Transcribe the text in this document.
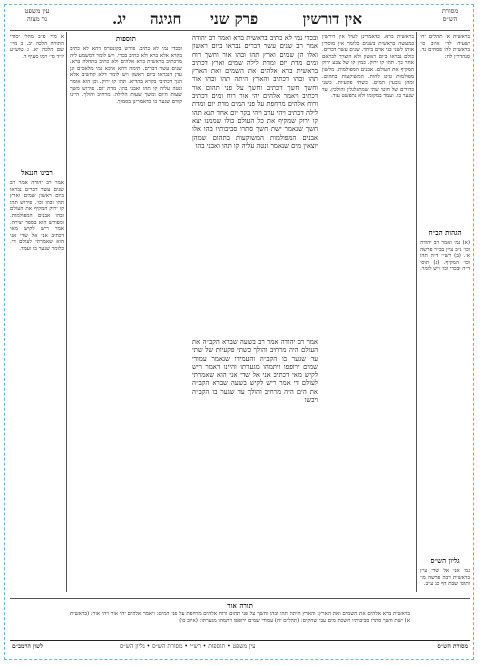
מסורת
הש״ס
אין דורשין
פרק שני
חגיגה
יג.
עין משפט
נר מצוה
בראשית א׳ תהלים יח׳ ישעיה לד׳ איוב כו׳ בראשית לה׳ פסחים נד. סנהדרין לח:
הגהות הב״ח
(א) גמ׳ ואמר רב יהודה וכו׳ נ״ב עיין בב״ר פרשה א׳. (ב) רש״י ד״ה תהו וכו׳ המקיף. (ג) תוס׳ ד״ה ובכדי וכו׳ ויש לומר.
גליון הש״ס
גמ׳ אני אל שדי עיין בראשית רבה פרשה מו׳ ותוס׳ שבת דף כג ע״ב.
בראשית ברא. כדאמרינן לעיל אין דורשין במעשה בראשית בשנים כלומר אין מוסרין אותו לשני בני אדם ביחד. שנים עשר דברים. כולם נבראו ביום ראשון ולא הוצרך לבראם אחר כך. תהו קו ירוק. כמין קו של צבע ירוק המקיף את העולם. אבנים המפולמות. מלשון מפולמות טיט לחות. המשוקעות בתהום. ומהן נובעין המים. כשתי פקעיות. כשני כדורים של חוטי שתי שמתגלגלין והולכין. עד שגער בו. ועמד במקומו ולא נתפשט עוד.
ובכדי נמי לא כתיב בראשית ברא ואמר רב יהודה אמר רב שנים עשר דברים נבראו ביום ראשון ואלו הן שמים וארץ תהו ובהו אור וחשך רוח ומים מדת יום ומדת לילה שמים וארץ דכתיב בראשית ברא אלהים את השמים ואת הארץ תהו ובהו דכתיב והארץ היתה תהו ובהו אור וחשך חשך דכתיב וחשך על פני תהום אור דכתיב ויאמר אלהים יהי אור רוח ומים דכתיב ורוח אלהים מרחפת על פני המים מדת יום ומדת לילה דכתיב ויהי ערב ויהי בקר יום אחד תנא תהו קו ירוק שמקיף את כל העולם כולו שממנו יצא חשך שנאמר ישת חשך סתרו סביבותיו בהו אלו אבנים המפולמות המשוקעות בתהום שמהן יוצאין מים שנאמר ונטה עליה קו תהו ואבני בהו
אמר רב יהודה אמר רב בשעה שברא הקב״ה את העולם היה מרחיב והולך כשתי פקעיות של שתי עד שגער בו הקב״ה והעמידו שנאמר עמודי שמים ירופפו ויתמהו מגערתו והיינו דאמר ריש לקיש מאי דכתיב אני אל שדי אני הוא שאמרתי לעולם די אמר ריש לקיש בשעה שברא הקב״ה את הים היה מרחיב והולך עד שגער בו הקב״ה ויבשו
תוספות
ובכדי נמי לא כתיב. פירש בקונטרס דהא לא כתיב בקרא אלא ברא ולא כתיב בכדי. ויש לומר דמשמע ליה מדכתיב בראשית ברא אלהים ולא כתיב בתחלה ברא. שנים עשר דברים. תימה דהא איכא נמי מלאכים וגן עדן דנבראו ביום ראשון ויש לומר דלא קחשיב אלא הנך דכתיבי בקרא בהדיא. תהו קו ירוק. וכן הוא אומר ונטה עליה קו תהו ואבני בהו. מדת יום. פירוש משך שעות היום ומשך שעות הלילה. מרחיב והולך. היינו קודם שגער בו כדאמרינן בסמוך.
א מיי׳ פ״ב מהל׳ יסודי התורה הלכה יב. ב מיי׳ שם הלכה יא. ג טוש״ע יו״ד סי׳ רמו סעיף ד.
רבינו חננאל
אמר רב יהודה אמר רב שנים עשר דברים נבראו ביום ראשון שמים וארץ תהו ובהו וכו׳. פירוש תהו קו ירוק המקיף את העולם ובהו אבנים המפולמות. ומפורש הוא בספר יצירה. אמר ריש לקיש מאי דכתיב אני אל שדי אני הוא שאמרתי לעולם די. כלומר שגער בו ועמד.
תורה אור
בראשית ברא אלהים את השמים ואת הארץ: והארץ היתה תהו ובהו וחשך על פני תהום ורוח אלהים מרחפת על פני המים: ויאמר אלהים יהי אור ויהי אור: (בראשית א) ישת חשך סתרו סביבותיו חשכת מים עבי שחקים: (תהלים יח) עמודי שמים ירופפו ויתמהו מגערתו: (איוב כו)
לשון הרמב״ם	עין משפט • תוספות • רש״י • מסורת הש״ס • גליון הש״ס	מסורת הש״ס
